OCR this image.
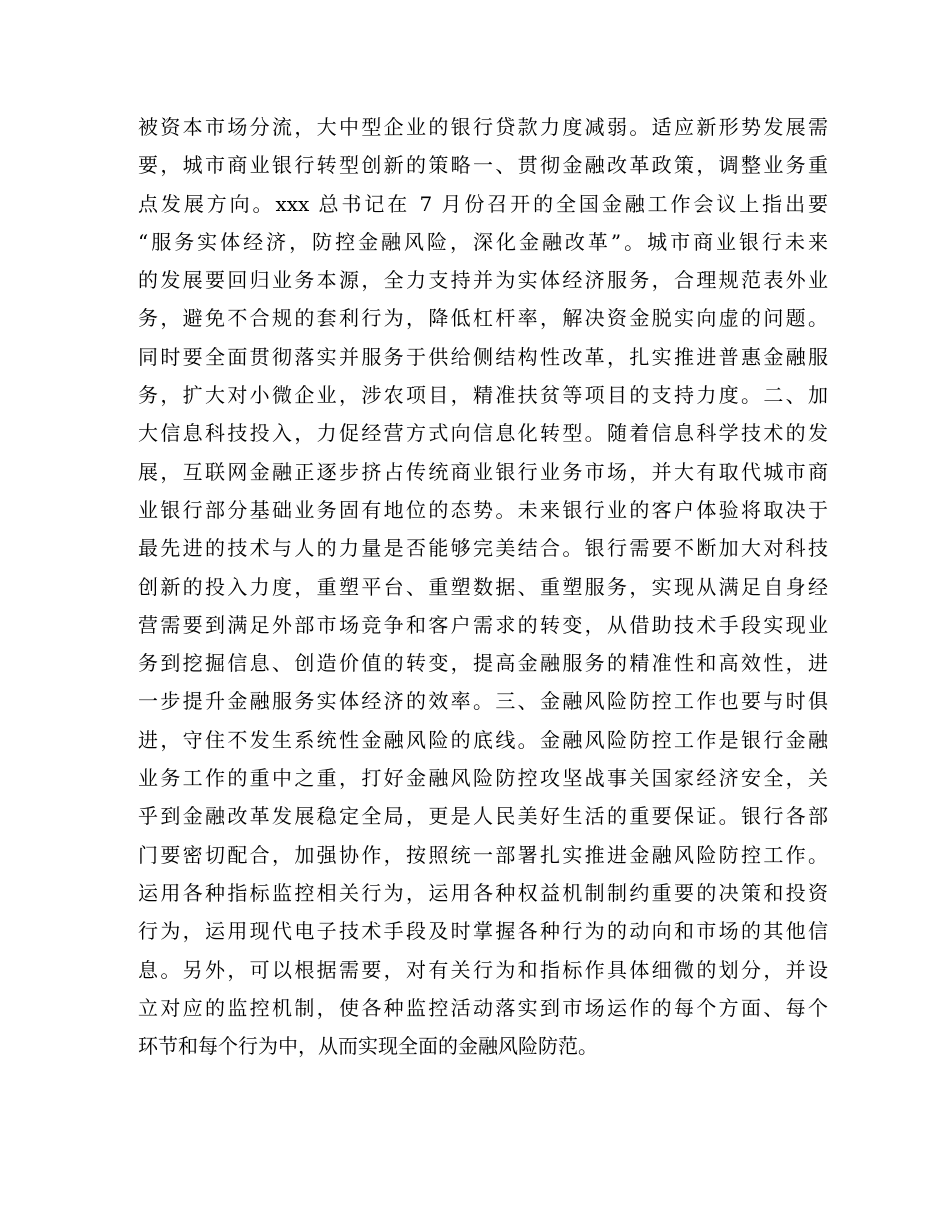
被资本市场分流，大中型企业的银行贷款力度减弱。适应新形势发展需
要，城市商业银行转型创新的策略一、贯彻金融改革政策，调整业务重
点发展方向。xxx 总书记在 7 月份召开的全国金融工作会议上指出要
“服务实体经济，防控金融风险，深化金融改革”。城市商业银行未来
的发展要回归业务本源，全力支持并为实体经济服务，合理规范表外业
务，避免不合规的套利行为，降低杠杆率，解决资金脱实向虚的问题。
同时要全面贯彻落实并服务于供给侧结构性改革，扎实推进普惠金融服
务，扩大对小微企业，涉农项目，精准扶贫等项目的支持力度。二、加
大信息科技投入，力促经营方式向信息化转型。随着信息科学技术的发
展，互联网金融正逐步挤占传统商业银行业务市场，并大有取代城市商
业银行部分基础业务固有地位的态势。未来银行业的客户体验将取决于
最先进的技术与人的力量是否能够完美结合。银行需要不断加大对科技
创新的投入力度，重塑平台、重塑数据、重塑服务，实现从满足自身经
营需要到满足外部市场竞争和客户需求的转变，从借助技术手段实现业
务到挖掘信息、创造价值的转变，提高金融服务的精准性和高效性，进
一步提升金融服务实体经济的效率。三、金融风险防控工作也要与时俱
进，守住不发生系统性金融风险的底线。金融风险防控工作是银行金融
业务工作的重中之重，打好金融风险防控攻坚战事关国家经济安全，关
乎到金融改革发展稳定全局，更是人民美好生活的重要保证。银行各部
门要密切配合，加强协作，按照统一部署扎实推进金融风险防控工作。
运用各种指标监控相关行为，运用各种权益机制制约重要的决策和投资
行为，运用现代电子技术手段及时掌握各种行为的动向和市场的其他信
息。另外，可以根据需要，对有关行为和指标作具体细微的划分，并设
立对应的监控机制，使各种监控活动落实到市场运作的每个方面、每个
环节和每个行为中，从而实现全面的金融风险防范。
